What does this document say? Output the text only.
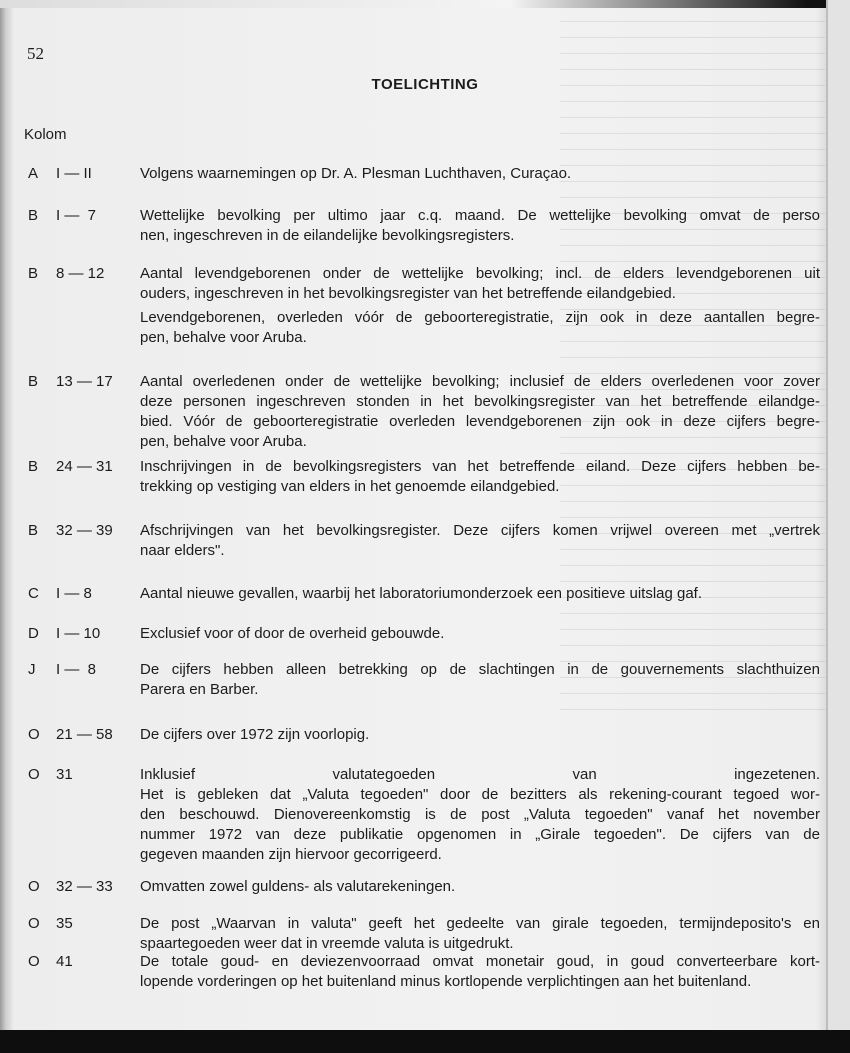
52
TOELICHTING
Kolom
A I — II	Volgens waarnemingen op Dr. A. Plesman Luchthaven, Curaçao.
B I —  7	Wettelijke bevolking per ultimo jaar c.q. maand. De wettelijke bevolking omvat de perso
nen, ingeschreven in de eilandelijke bevolkingsregisters.
B 8 — 12	Aantal levendgeborenen onder de wettelijke bevolking; incl. de elders levendgeborenen uit
ouders, ingeschreven in het bevolkingsregister van het betreffende eilandgebied.
Levendgeborenen, overleden vóór de geboorteregistratie, zijn ook in deze aantallen begre-
pen, behalve voor Aruba.
B 13 — 17	Aantal overledenen onder de wettelijke bevolking; inclusief de elders overledenen voor zover
deze personen ingeschreven stonden in het bevolkingsregister van het betreffende eilandge-
bied. Vóór de geboorteregistratie overleden levendgeborenen zijn ook in deze cijfers begre-
pen, behalve voor Aruba.
B 24 — 31	Inschrijvingen in de bevolkingsregisters van het betreffende eiland. Deze cijfers hebben be-
trekking op vestiging van elders in het genoemde eilandgebied.
B 32 — 39	Afschrijvingen van het bevolkingsregister. Deze cijfers komen vrijwel overeen met „vertrek
naar elders".
C I — 8	Aantal nieuwe gevallen, waarbij het laboratoriumonderzoek een positieve uitslag gaf.
D I — 10	Exclusief voor of door de overheid gebouwde.
J I —  8	De cijfers hebben alleen betrekking op de slachtingen in de gouvernements slachthuizen
Parera en Barber.
O 21 — 58	De cijfers over 1972 zijn voorlopig.
O 31	Inklusief valutategoeden van ingezetenen.
Het is gebleken dat „Valuta tegoeden" door de bezitters als rekening-courant tegoed wor-
den beschouwd. Dienovereenkomstig is de post „Valuta tegoeden" vanaf het november
nummer 1972 van deze publikatie opgenomen in „Girale tegoeden". De cijfers van de
gegeven maanden zijn hiervoor gecorrigeerd.
O 32 — 33	Omvatten zowel guldens- als valutarekeningen.
O 35	De post „Waarvan in valuta" geeft het gedeelte van girale tegoeden, termijndeposito's en
spaartegoeden weer dat in vreemde valuta is uitgedrukt.
O 41	De totale goud- en deviezenvoorraad omvat monetair goud, in goud converteerbare kort-
lopende vorderingen op het buitenland minus kortlopende verplichtingen aan het buitenland.
